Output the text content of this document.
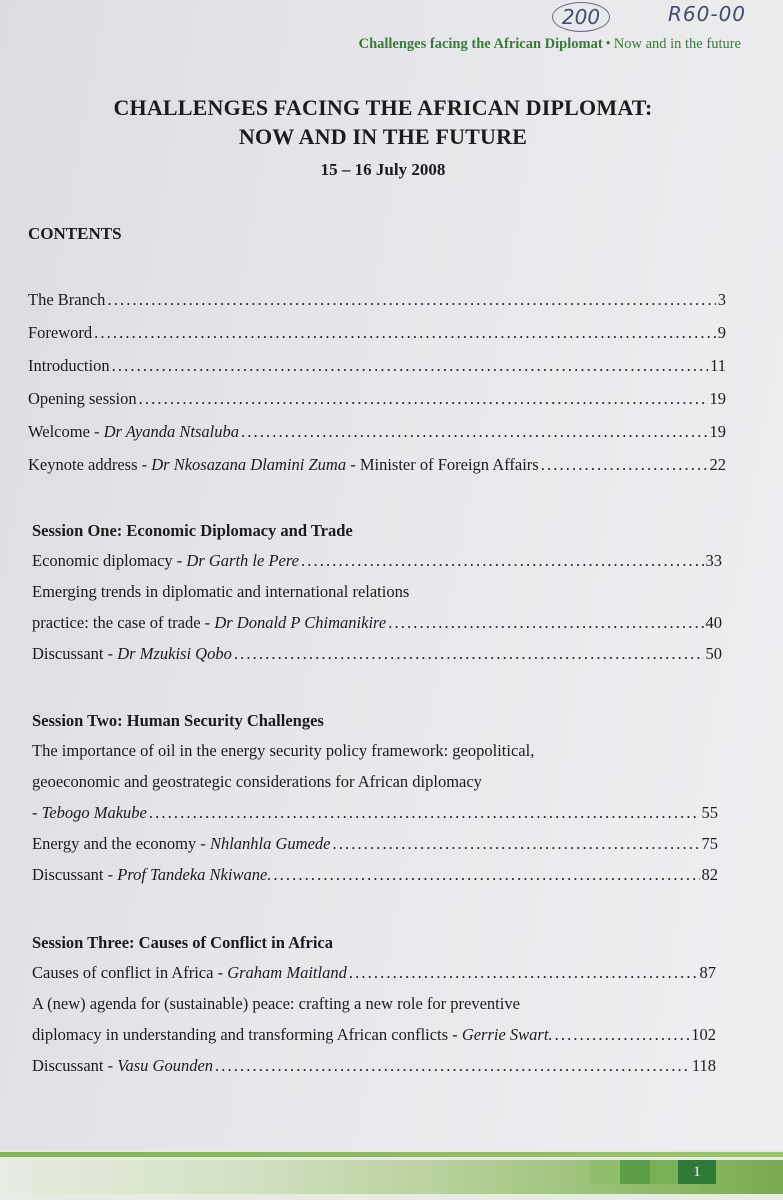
200	R60-00
Challenges facing the African Diplomat • Now and in the future
CHALLENGES FACING THE AFRICAN DIPLOMAT:
NOW AND IN THE FUTURE
15 – 16 July 2008
CONTENTS
The Branch . . .	3
Foreword . . .	9
Introduction . . .	11
Opening session . . .	19
Welcome - Dr Ayanda Ntsaluba . . .	19
Keynote address - Dr Nkosazana Dlamini Zuma - Minister of Foreign Affairs . . .	22
Session One: Economic Diplomacy and Trade
Economic diplomacy - Dr Garth le Pere . . .	33
Emerging trends in diplomatic and international relations
practice: the case of trade - Dr Donald P Chimanikire . . .	40
Discussant - Dr Mzukisi Qobo . . .	50
Session Two: Human Security Challenges
The importance of oil in the energy security policy framework: geopolitical,
geoeconomic and geostrategic considerations for African diplomacy
- Tebogo Makube . . .	55
Energy and the economy - Nhlanhla Gumede . . .	75
Discussant - Prof Tandeka Nkiwane. . . .	82
Session Three: Causes of Conflict in Africa
Causes of conflict in Africa - Graham Maitland . . .	87
A (new) agenda for (sustainable) peace: crafting a new role for preventive
diplomacy in understanding and transforming African conflicts - Gerrie Swart. . . .	102
Discussant - Vasu Gounden . . .	118
1
